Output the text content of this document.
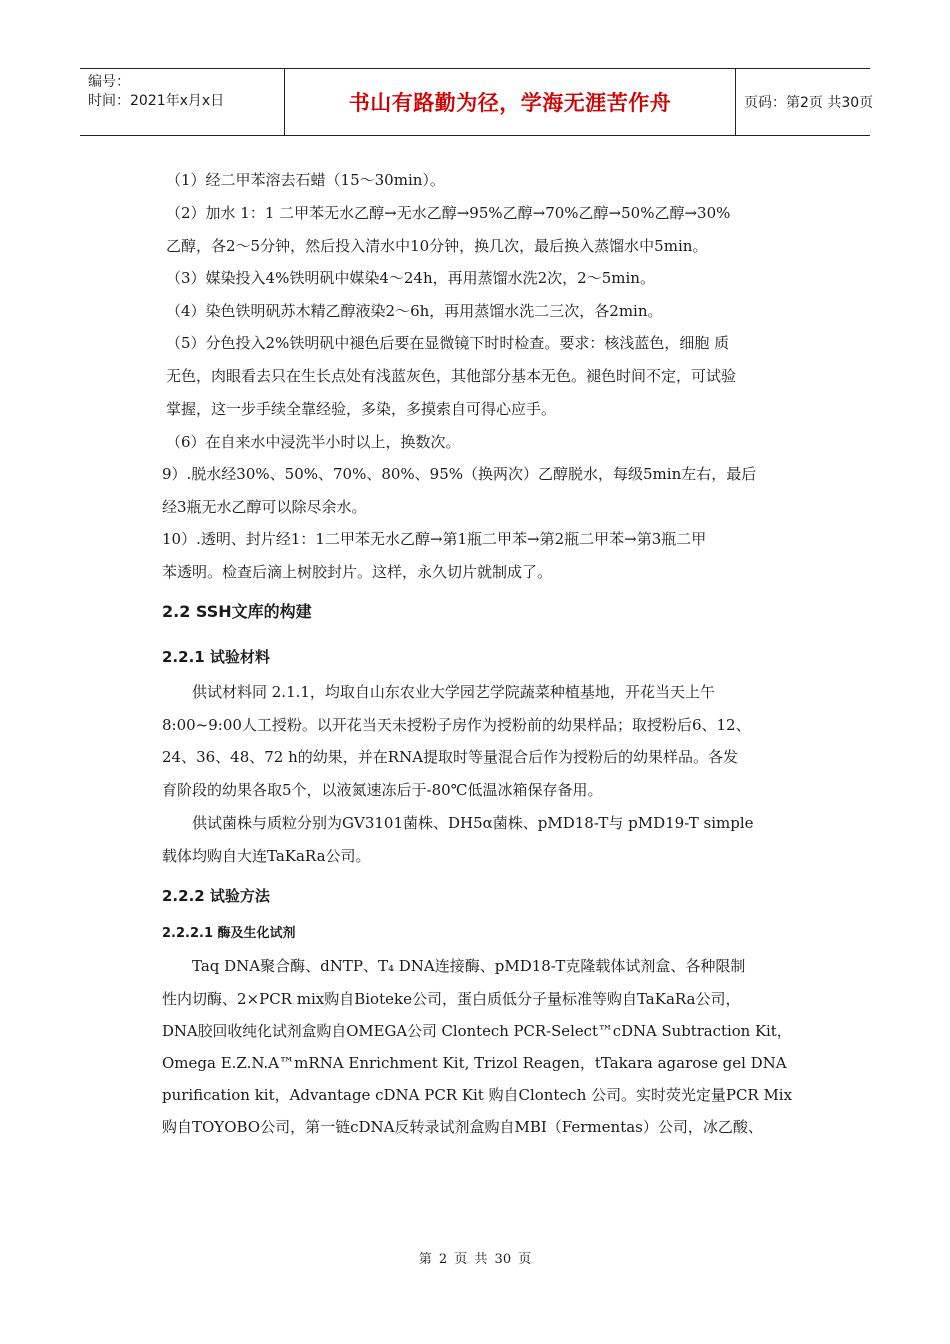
编号：
时间：2021年x月x日	书山有路勤为径，学海无涯苦作舟	页码：第2页 共30页
（1）经二甲苯溶去石蜡（15～30min）。
（2）加水 1：1 二甲苯无水乙醇→无水乙醇→95%乙醇→70%乙醇→50%乙醇→30%
乙醇，各2～5分钟，然后投入清水中10分钟，换几次，最后换入蒸馏水中5min。
（3）媒染投入4%铁明矾中媒染4～24h，再用蒸馏水洗2次，2～5min。
（4）染色铁明矾苏木精乙醇液染2～6h，再用蒸馏水洗二三次，各2min。
（5）分色投入2%铁明矾中褪色后要在显微镜下时时检查。要求：核浅蓝色，细胞 质
无色，肉眼看去只在生长点处有浅蓝灰色，其他部分基本无色。褪色时间不定，可试验
掌握，这一步手续全靠经验，多染，多摸索自可得心应手。
（6）在自来水中浸洗半小时以上，换数次。
9）.脱水经30%、50%、70%、80%、95%（换两次）乙醇脱水，每级5min左右，最后
经3瓶无水乙醇可以除尽余水。
10）.透明、封片经1：1二甲苯无水乙醇→第1瓶二甲苯→第2瓶二甲苯→第3瓶二甲
苯透明。检查后滴上树胶封片。这样，永久切片就制成了。
2.2 SSH文库的构建
2.2.1 试验材料
　　供试材料同 2.1.1，均取自山东农业大学园艺学院蔬菜种植基地，开花当天上午
8:00~9:00人工授粉。以开花当天未授粉子房作为授粉前的幼果样品；取授粉后6、12、
24、36、48、72 h的幼果，并在RNA提取时等量混合后作为授粉后的幼果样品。各发
育阶段的幼果各取5个，以液氮速冻后于-80℃低温冰箱保存备用。
　　供试菌株与质粒分别为GV3101菌株、DH5α菌株、pMD18-T与 pMD19-T simple
载体均购自大连TaKaRa公司。
2.2.2 试验方法
2.2.2.1 酶及生化试剂
　　Taq DNA聚合酶、dNTP、T₄ DNA连接酶、pMD18-T克隆载体试剂盒、各种限制
性内切酶、2×PCR mix购自Bioteke公司，蛋白质低分子量标准等购自TaKaRa公司，
DNA胶回收纯化试剂盒购自OMEGA公司 Clontech PCR-Select™cDNA Subtraction Kit，
Omega E.Z.N.A™mRNA Enrichment Kit, Trizol Reagen，tTakara agarose gel DNA
purification kit，Advantage cDNA PCR Kit 购自Clontech 公司。实时荧光定量PCR Mix
购自TOYOBO公司，第一链cDNA反转录试剂盒购自MBI（Fermentas）公司，冰乙酸、
第 2 页 共 30 页
